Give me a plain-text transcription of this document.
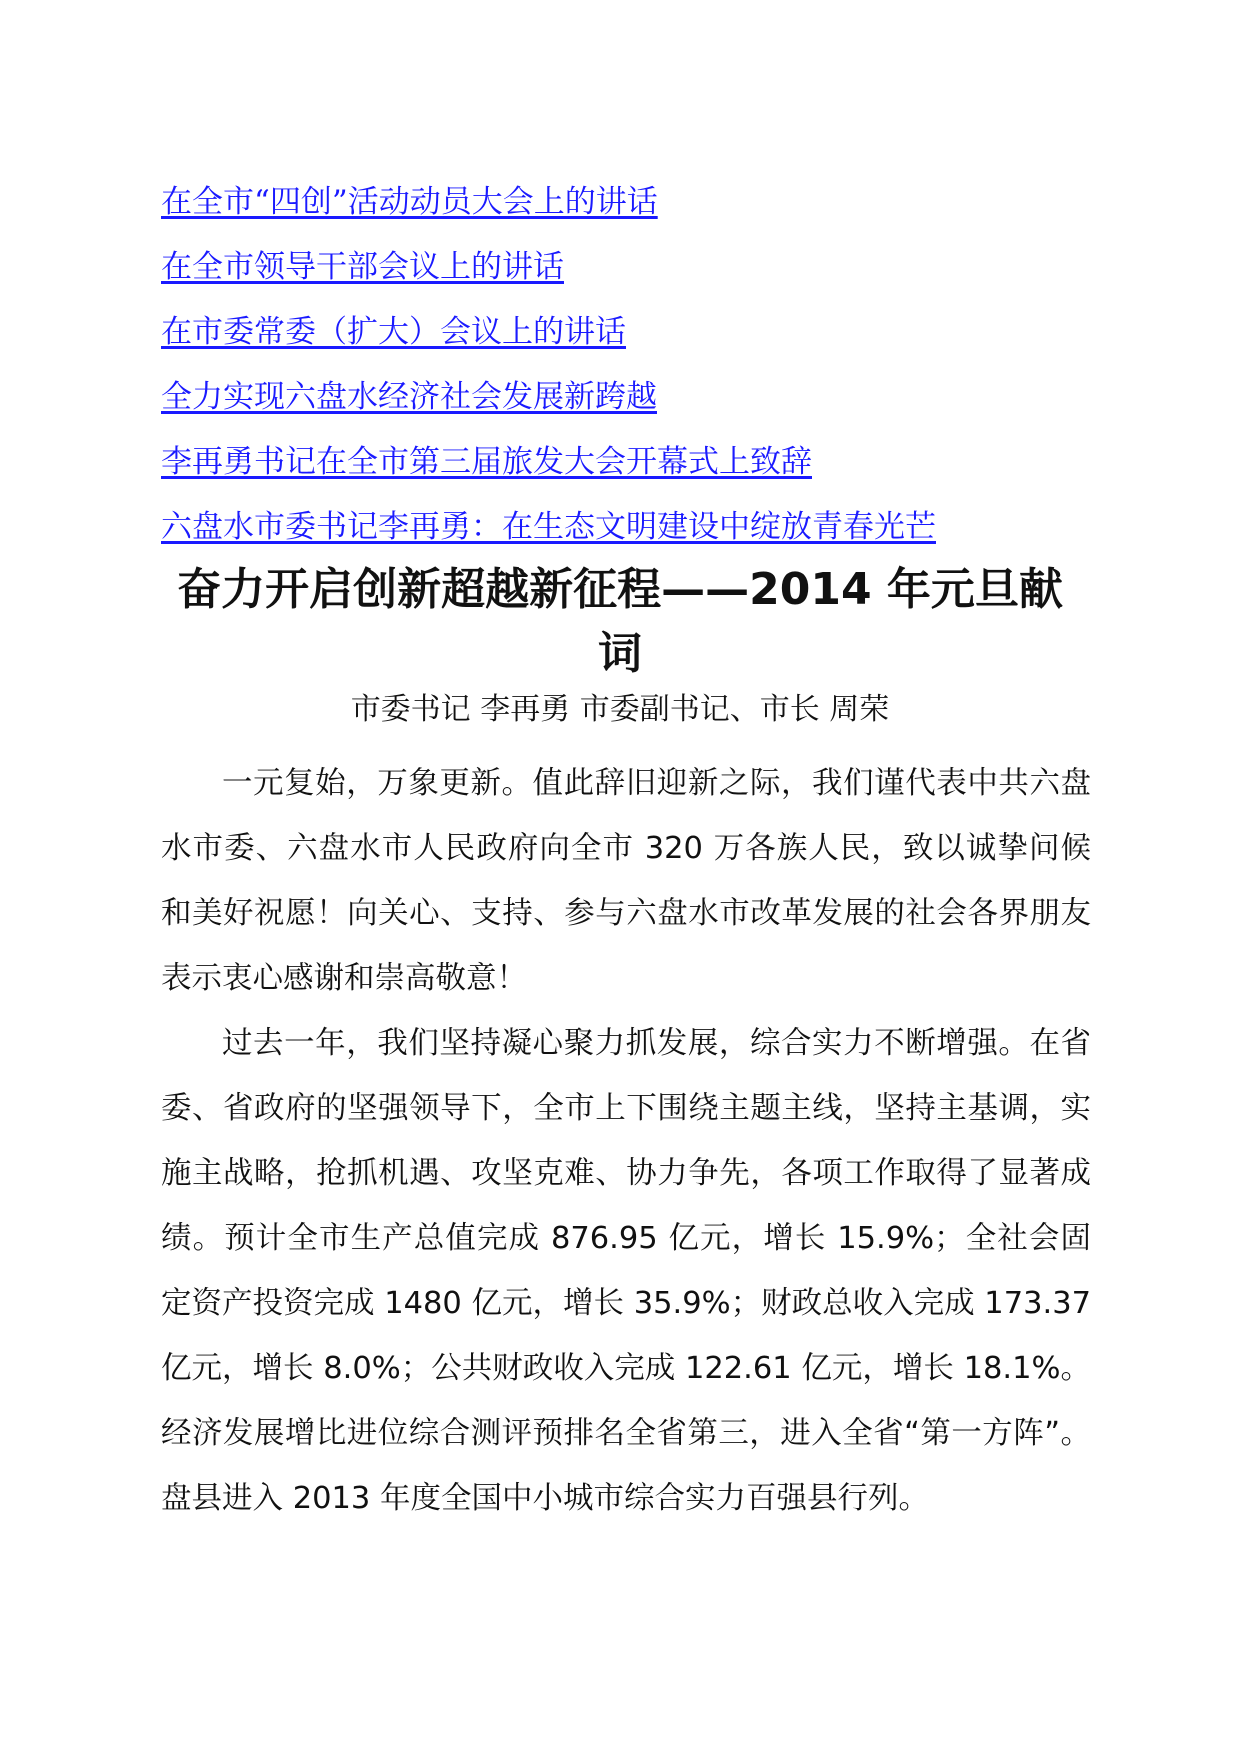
在全市“四创”活动动员大会上的讲话
在全市领导干部会议上的讲话
在市委常委（扩大）会议上的讲话
全力实现六盘水经济社会发展新跨越
李再勇书记在全市第三届旅发大会开幕式上致辞
六盘水市委书记李再勇：在生态文明建设中绽放青春光芒
奋力开启创新超越新征程——2014 年元旦献词
市委书记 李再勇 市委副书记、市长 周荣

一元复始，万象更新。值此辞旧迎新之际，我们谨代表中共六盘水市委、六盘水市人民政府向全市 320 万各族人民，致以诚挚问候和美好祝愿！向关心、支持、参与六盘水市改革发展的社会各界朋友表示衷心感谢和崇高敬意！

过去一年，我们坚持凝心聚力抓发展，综合实力不断增强。在省委、省政府的坚强领导下，全市上下围绕主题主线，坚持主基调，实施主战略，抢抓机遇、攻坚克难、协力争先，各项工作取得了显著成绩。预计全市生产总值完成 876.95 亿元，增长 15.9%；全社会固定资产投资完成 1480 亿元，增长 35.9%；财政总收入完成 173.37 亿元，增长 8.0%；公共财政收入完成 122.61 亿元，增长 18.1%。经济发展增比进位综合测评预排名全省第三，进入全省“第一方阵”。盘县进入 2013 年度全国中小城市综合实力百强县行列。
